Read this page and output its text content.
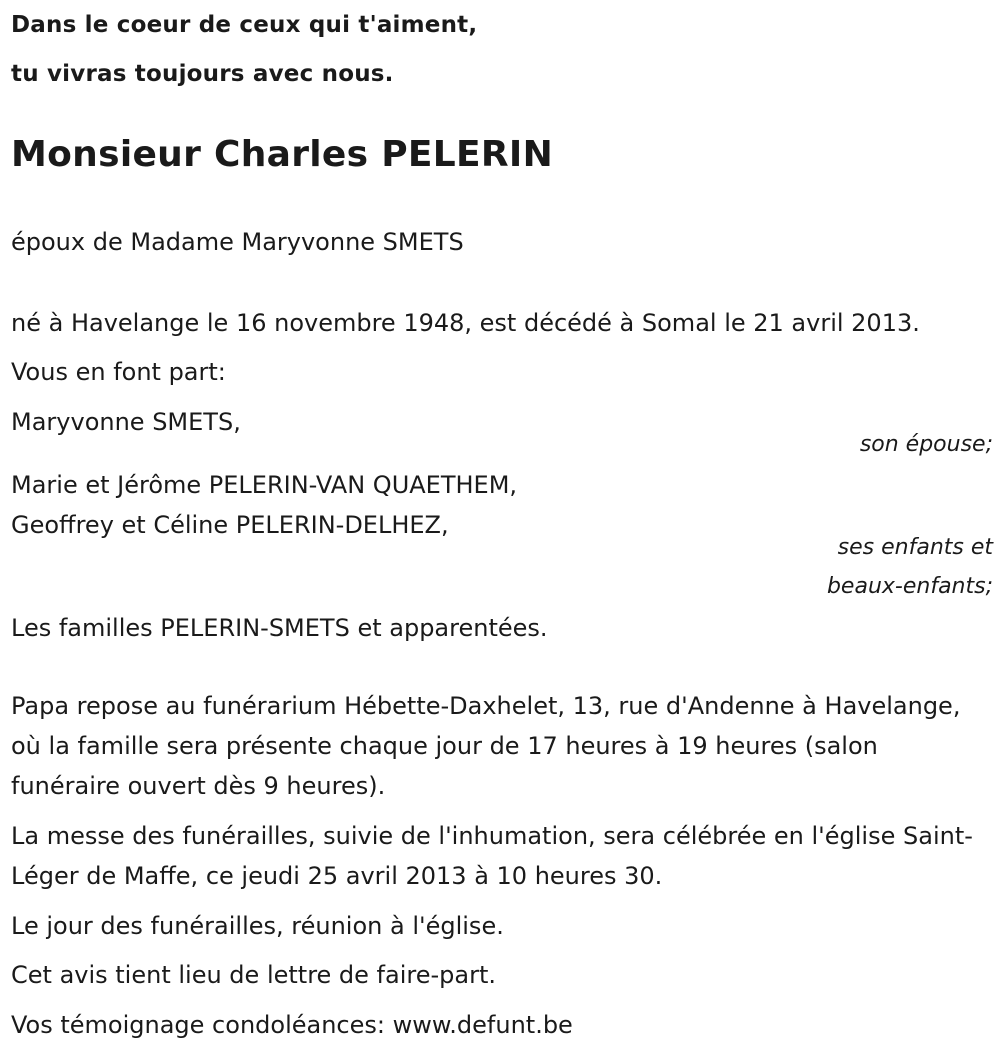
Dans le coeur de ceux qui t'aiment,

tu vivras toujours avec nous.

Monsieur Charles PELERIN

époux de Madame Maryvonne SMETS

né à Havelange le 16 novembre 1948, est décédé à Somal le 21 avril 2013.

Vous en font part:

Maryvonne SMETS,

son épouse;

Marie et Jérôme PELERIN-VAN QUAETHEM,

Geoffrey et Céline PELERIN-DELHEZ,

ses enfants et
beaux-enfants;

Les familles PELERIN-SMETS et apparentées.

Papa repose au funérarium Hébette-Daxhelet, 13, rue d'Andenne à Havelange, où la famille sera présente chaque jour de 17 heures à 19 heures (salon funéraire ouvert dès 9 heures).

La messe des funérailles, suivie de l'inhumation, sera célébrée en l'église Saint-Léger de Maffe, ce jeudi 25 avril 2013 à 10 heures 30.

Le jour des funérailles, réunion à l'église.

Cet avis tient lieu de lettre de faire-part.

Vos témoignage condoléances: www.defunt.be
